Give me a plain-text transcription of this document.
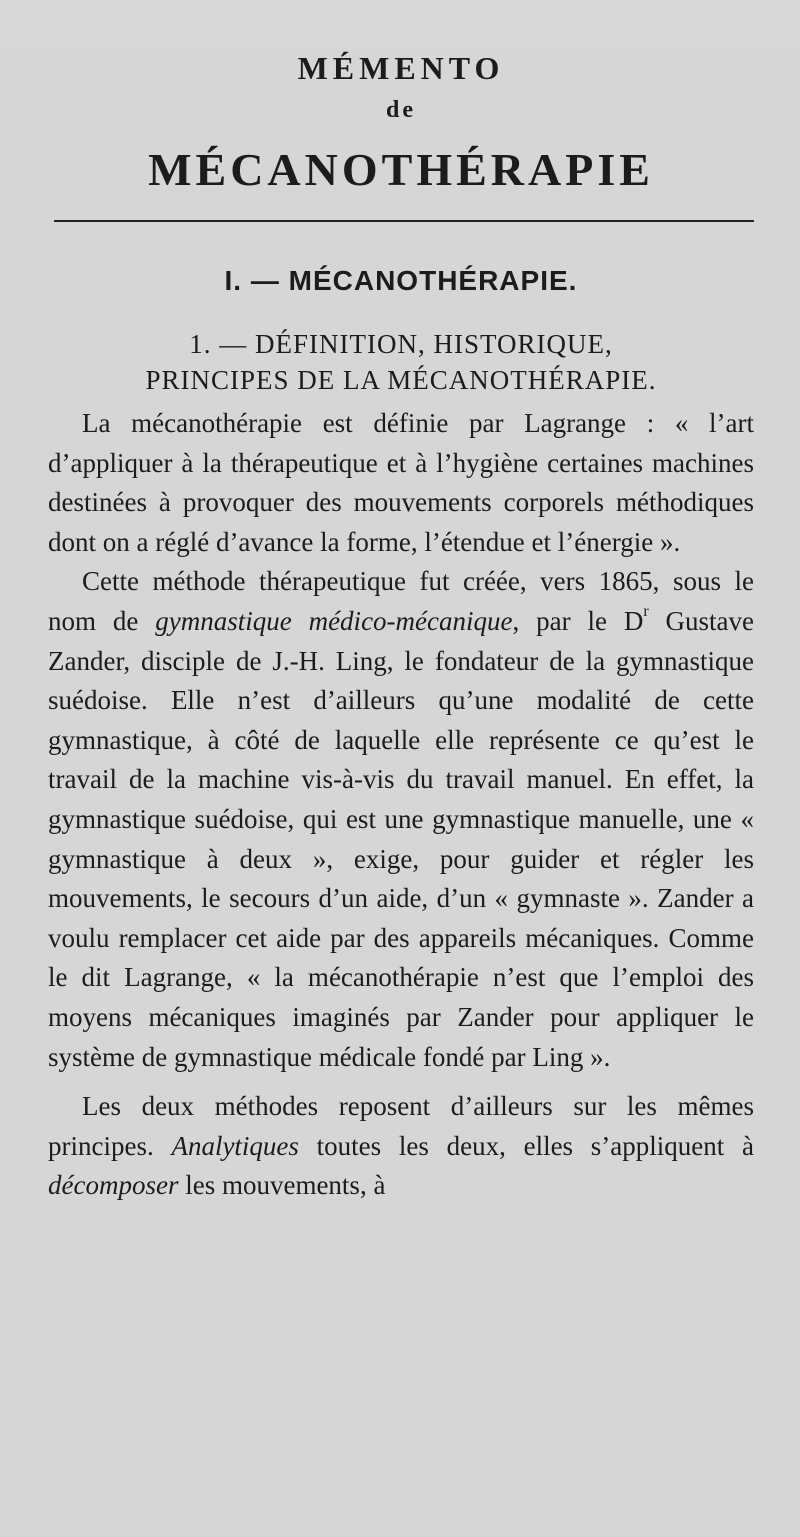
MÉMENTO
de
MÉCANOTHÉRAPIE
I. — MÉCANOTHÉRAPIE.
1. — DÉFINITION, HISTORIQUE,
PRINCIPES DE LA MÉCANOTHÉRAPIE.

La mécanothérapie est définie par Lagrange : « l’art d’appliquer à la thérapeutique et à l’hygiène certaines machines destinées à provoquer des mouvements corporels méthodiques dont on a réglé d’avance la forme, l’étendue et l’énergie ».

Cette méthode thérapeutique fut créée, vers 1865, sous le nom de gymnastique médico-mécanique, par le $D^r$ Gustave Zander, disciple de J.-H. Ling, le fondateur de la gymnastique suédoise. Elle n’est d’ailleurs qu’une modalité de cette gymnastique, à côté de laquelle elle représente ce qu’est le travail de la machine vis-à-vis du travail manuel. En effet, la gymnastique suédoise, qui est une gymnastique manuelle, une « gymnastique à deux », exige, pour guider et régler les mouvements, le secours d’un aide, d’un « gymnaste ». Zander a voulu remplacer cet aide par des appareils mécaniques. Comme le dit Lagrange, « la mécanothérapie n’est que l’emploi des moyens mécaniques imaginés par Zander pour appliquer le système de gymnastique médicale fondé par Ling ».

Les deux méthodes reposent d’ailleurs sur les mêmes principes. Analytiques toutes les deux, elles s’appliquent à décomposer les mouvements, à
